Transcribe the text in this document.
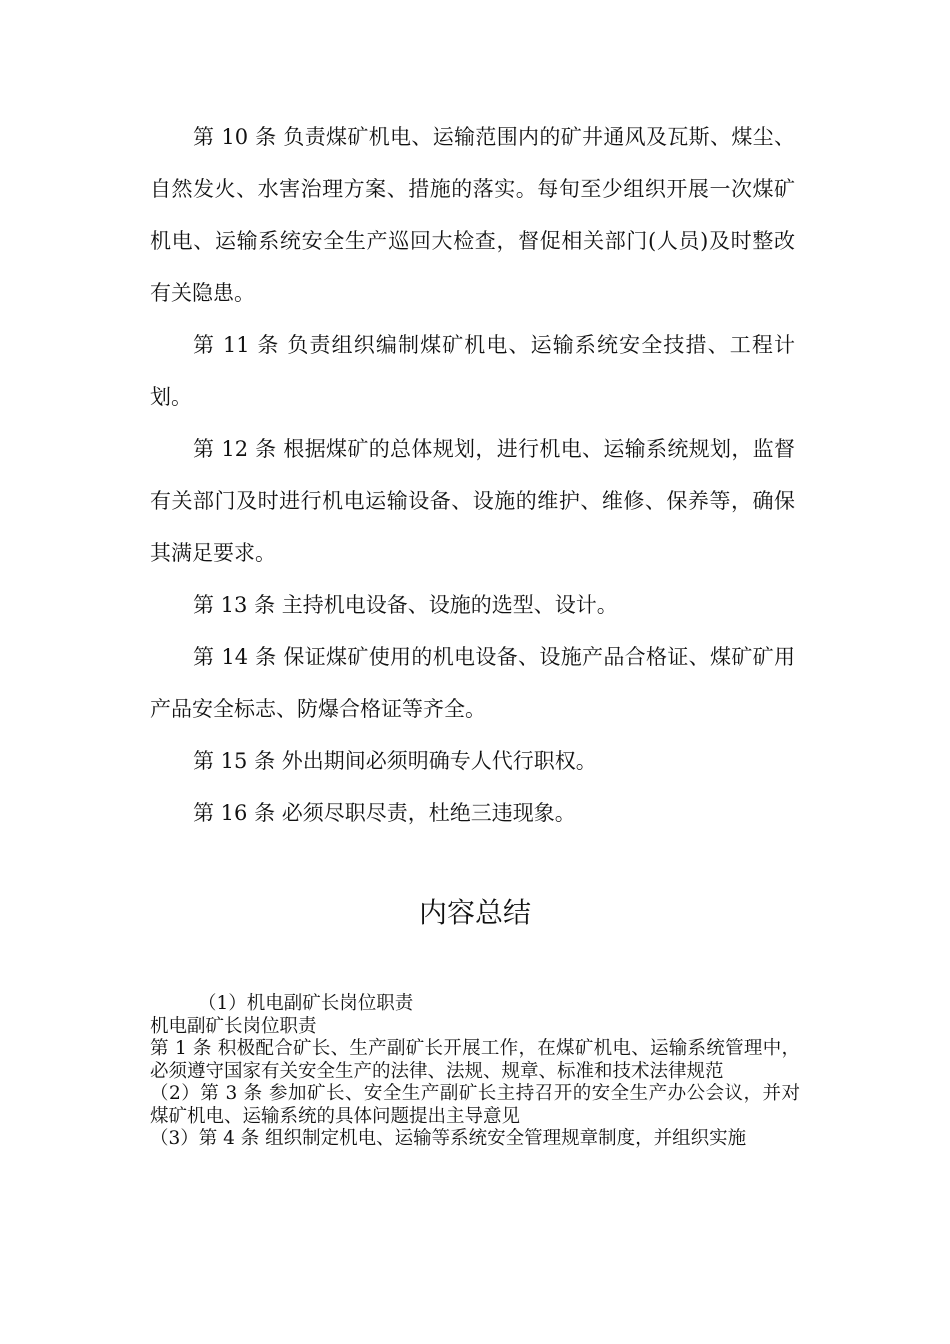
第 10 条 负责煤矿机电、运输范围内的矿井通风及瓦斯、煤尘、自然发火、水害治理方案、措施的落实。每旬至少组织开展一次煤矿机电、运输系统安全生产巡回大检查，督促相关部门(人员)及时整改有关隐患。

第 11 条 负责组织编制煤矿机电、运输系统安全技措、工程计划。

第 12 条 根据煤矿的总体规划，进行机电、运输系统规划，监督有关部门及时进行机电运输设备、设施的维护、维修、保养等，确保其满足要求。

第 13 条 主持机电设备、设施的选型、设计。

第 14 条 保证煤矿使用的机电设备、设施产品合格证、煤矿矿用产品安全标志、防爆合格证等齐全。

第 15 条 外出期间必须明确专人代行职权。

第 16 条 必须尽职尽责，杜绝三违现象。

内容总结

（1）机电副矿长岗位职责

机电副矿长岗位职责

第 1 条 积极配合矿长、生产副矿长开展工作，在煤矿机电、运输系统管理中，必须遵守国家有关安全生产的法律、法规、规章、标准和技术法律规范

（2）第 3 条 参加矿长、安全生产副矿长主持召开的安全生产办公会议，并对煤矿机电、运输系统的具体问题提出主导意见

（3）第 4 条 组织制定机电、运输等系统安全管理规章制度，并组织实施
